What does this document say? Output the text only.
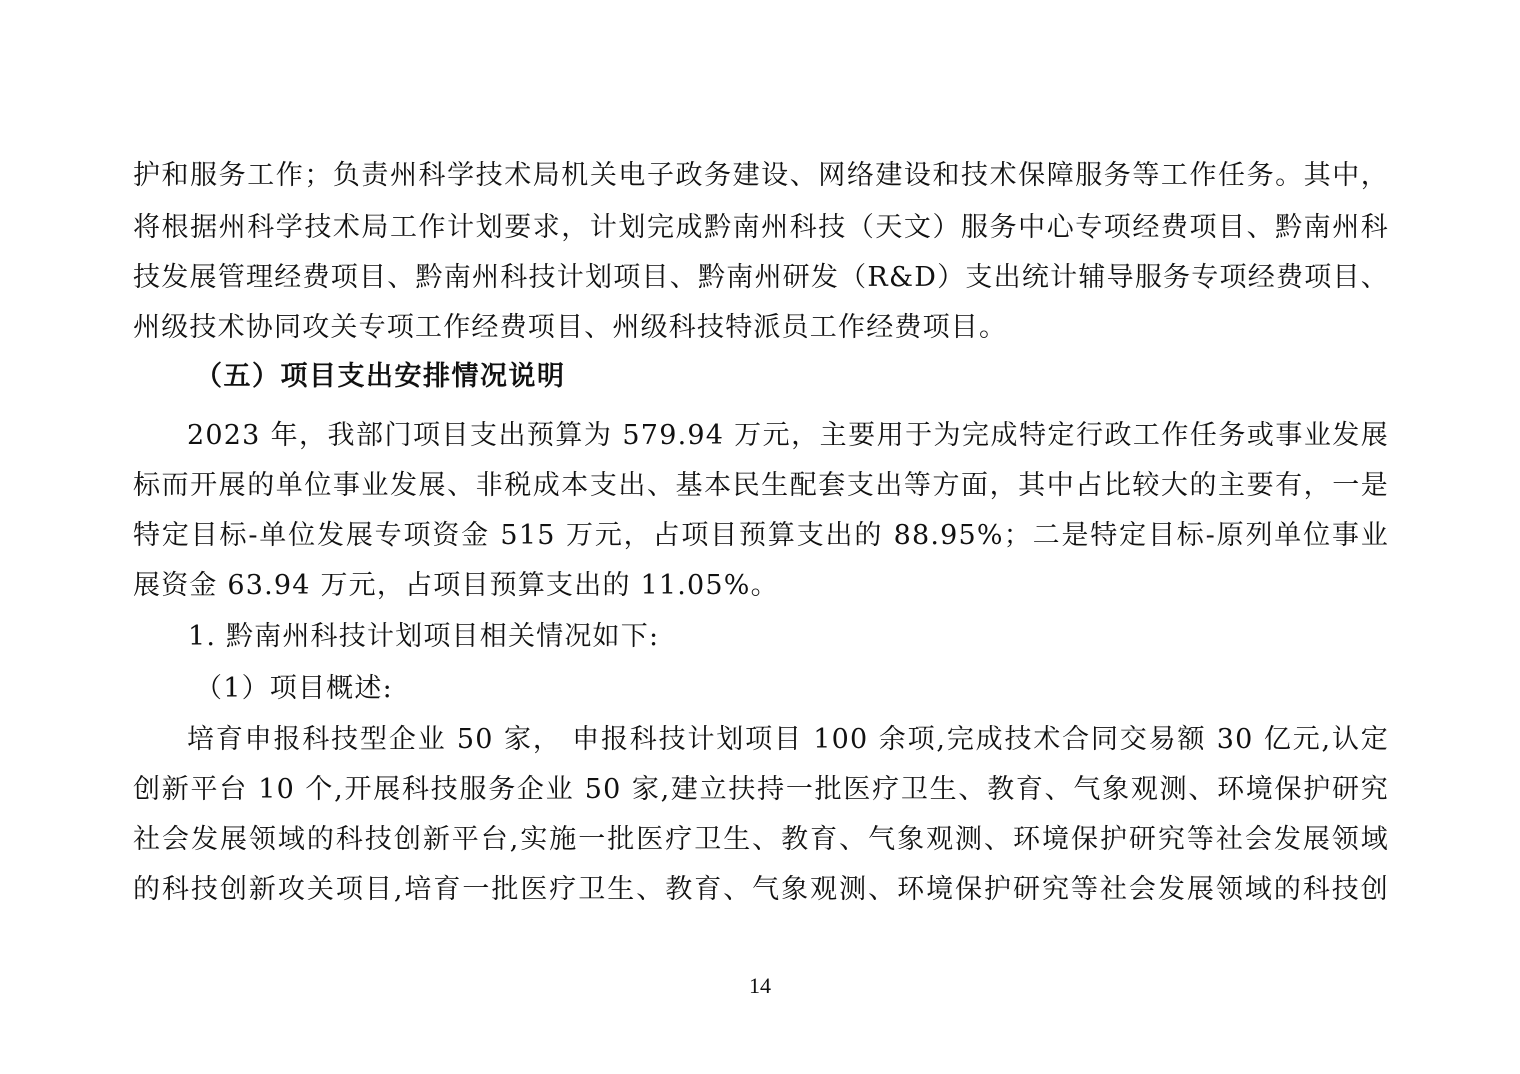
护和服务工作；负责州科学技术局机关电子政务建设、网络建设和技术保障服务等工作任务。其中，
将根据州科学技术局工作计划要求，计划完成黔南州科技（天文）服务中心专项经费项目、黔南州科
技发展管理经费项目、黔南州科技计划项目、黔南州研发（R&D）支出统计辅导服务专项经费项目、
州级技术协同攻关专项工作经费项目、州级科技特派员工作经费项目。
（五）项目支出安排情况说明
2023 年，我部门项目支出预算为 579.94 万元，主要用于为完成特定行政工作任务或事业发展
标而开展的单位事业发展、非税成本支出、基本民生配套支出等方面，其中占比较大的主要有，一是
特定目标-单位发展专项资金 515 万元，占项目预算支出的 88.95%；二是特定目标-原列单位事业
展资金 63.94 万元，占项目预算支出的 11.05%。
1. 黔南州科技计划项目相关情况如下:
（1）项目概述:
培育申报科技型企业 50 家， 申报科技计划项目 100 余项,完成技术合同交易额 30 亿元,认定
创新平台 10 个,开展科技服务企业 50 家,建立扶持一批医疗卫生、教育、气象观测、环境保护研究
社会发展领域的科技创新平台,实施一批医疗卫生、教育、气象观测、环境保护研究等社会发展领域
的科技创新攻关项目,培育一批医疗卫生、教育、气象观测、环境保护研究等社会发展领域的科技创
14
